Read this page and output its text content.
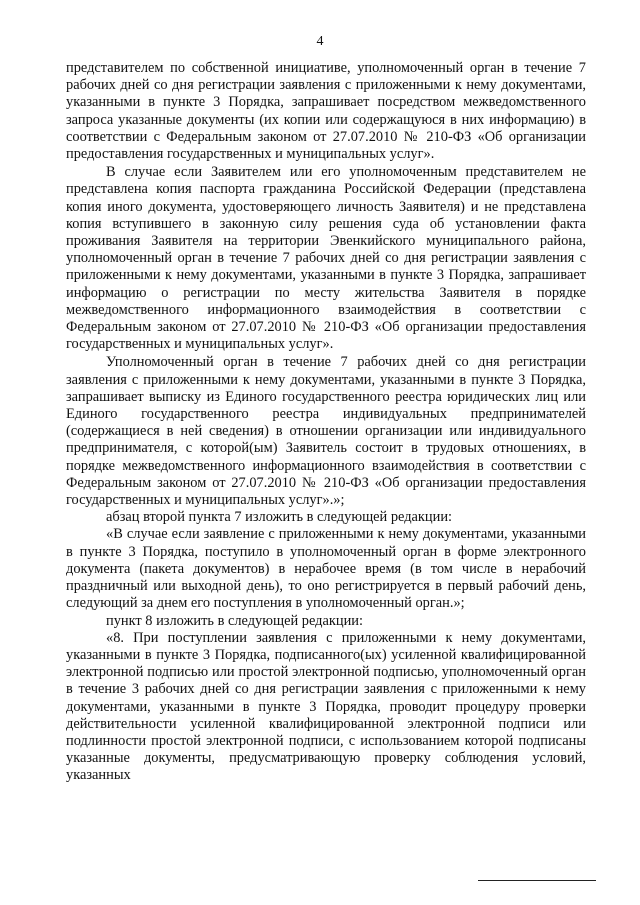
4

представителем по собственной инициативе, уполномоченный орган в течение 7 рабочих дней со дня регистрации заявления с приложенными к нему документами, указанными в пункте 3 Порядка, запрашивает посредством межведомственного запроса указанные документы (их копии или содержащуюся в них информацию) в соответствии с Федеральным законом от 27.07.2010 № 210-ФЗ «Об организации предоставления государственных и муниципальных услуг».

В случае если Заявителем или его уполномоченным представителем не представлена копия паспорта гражданина Российской Федерации (представлена копия иного документа, удостоверяющего личность Заявителя) и не представлена копия вступившего в законную силу решения суда об установлении факта проживания Заявителя на территории Эвенкийского муниципального района, уполномоченный орган в течение 7 рабочих дней со дня регистрации заявления с приложенными к нему документами, указанными в пункте 3 Порядка, запрашивает информацию о регистрации по месту жительства Заявителя в порядке межведомственного информационного взаимодействия в соответствии с Федеральным законом от 27.07.2010 № 210-ФЗ «Об организации предоставления государственных и муниципальных услуг».

Уполномоченный орган в течение 7 рабочих дней со дня регистрации заявления с приложенными к нему документами, указанными в пункте 3 Порядка, запрашивает выписку из Единого государственного реестра юридических лиц или Единого государственного реестра индивидуальных предпринимателей (содержащиеся в ней сведения) в отношении организации или индивидуального предпринимателя, с которой(ым) Заявитель состоит в трудовых отношениях, в порядке межведомственного информационного взаимодействия в соответствии с Федеральным законом от 27.07.2010 № 210-ФЗ «Об организации предоставления государственных и муниципальных услуг».»;

абзац второй пункта 7 изложить в следующей редакции:

«В случае если заявление с приложенными к нему документами, указанными в пункте 3 Порядка, поступило в уполномоченный орган в форме электронного документа (пакета документов) в нерабочее время (в том числе в нерабочий праздничный или выходной день), то оно регистрируется в первый рабочий день, следующий за днем его поступления в уполномоченный орган.»;

пункт 8 изложить в следующей редакции:

«8. При поступлении заявления с приложенными к нему документами, указанными в пункте 3 Порядка, подписанного(ых) усиленной квалифицированной электронной подписью или простой электронной подписью, уполномоченный орган в течение 3 рабочих дней со дня регистрации заявления с приложенными к нему документами, указанными в пункте 3 Порядка, проводит процедуру проверки действительности усиленной квалифицированной электронной подписи или подлинности простой электронной подписи, с использованием которой подписаны указанные документы, предусматривающую проверку соблюдения условий, указанных
